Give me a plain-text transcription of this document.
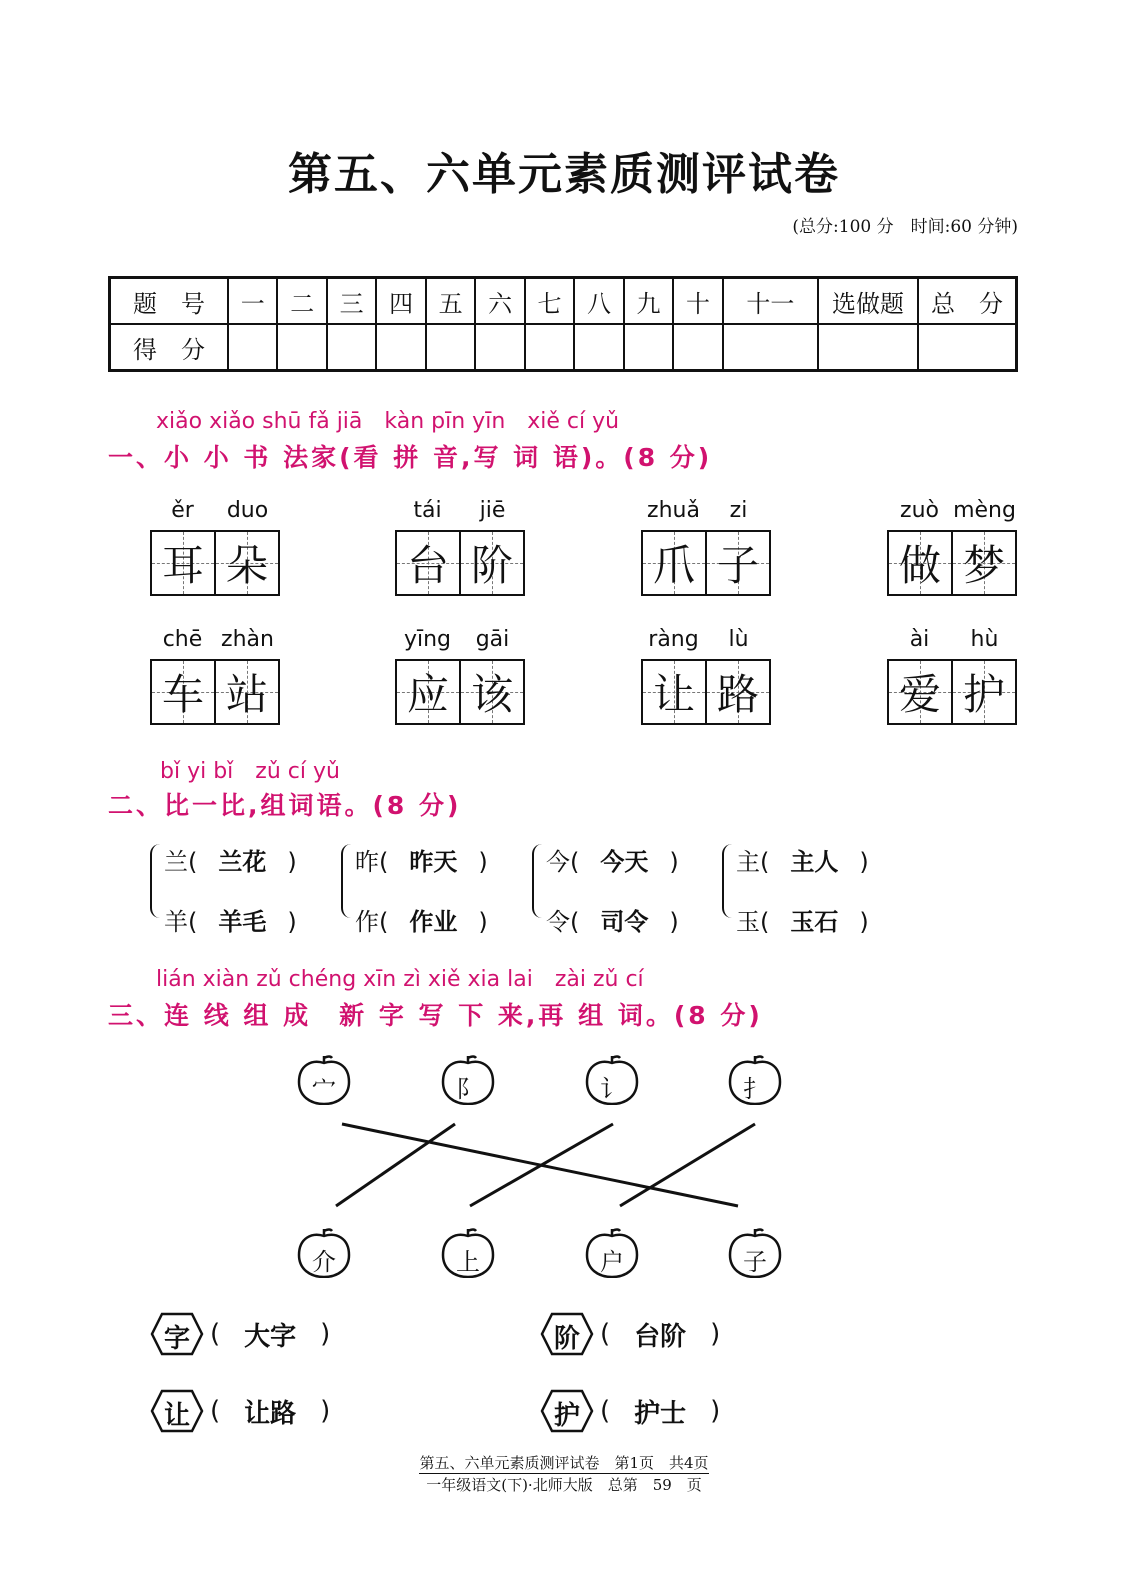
第五、六单元素质测评试卷
(总分:100 分　时间:60 分钟)
题　号	一	二	三	四	五	六	七	八	九	十	十一	选做题	总　分
得　分													
xiǎo xiǎo shū fǎ jiā　kàn pīn yīn　xiě cí yǔ
一、小 小 书 法家(看 拼 音,写 词 语)。(8 分)
ěr	duo
耳 朵
tái	jiē
台 阶
zhuǎ	zi
爪 子
zuò mèng
做 梦
chē zhàn
车 站
yīng	gāi
应 该
ràng	lù
让 路
ài	hù
爱 护
bǐ yi bǐ　zǔ cí yǔ
二、比一比,组词语。(8 分)
兰( 兰花 )
羊( 羊毛 )
昨( 昨天 )
作( 作业 )
今( 今天 )
令( 司令 )
主( 主人 )
玉( 玉石 )
lián xiàn zǔ chéng xīn zì xiě xia lai　zài zǔ cí
三、连 线 组 成　新 字 写 下 来,再 组 词。(8 分)
宀	阝	讠	扌
介	上	户	子
字 ( 大字 )	阶 ( 台阶 )
让 ( 让路 )	护 ( 护士 )
第五、六单元素质测评试卷　第1页　共4页
一年级语文(下)·北师大版　总第　59　页
